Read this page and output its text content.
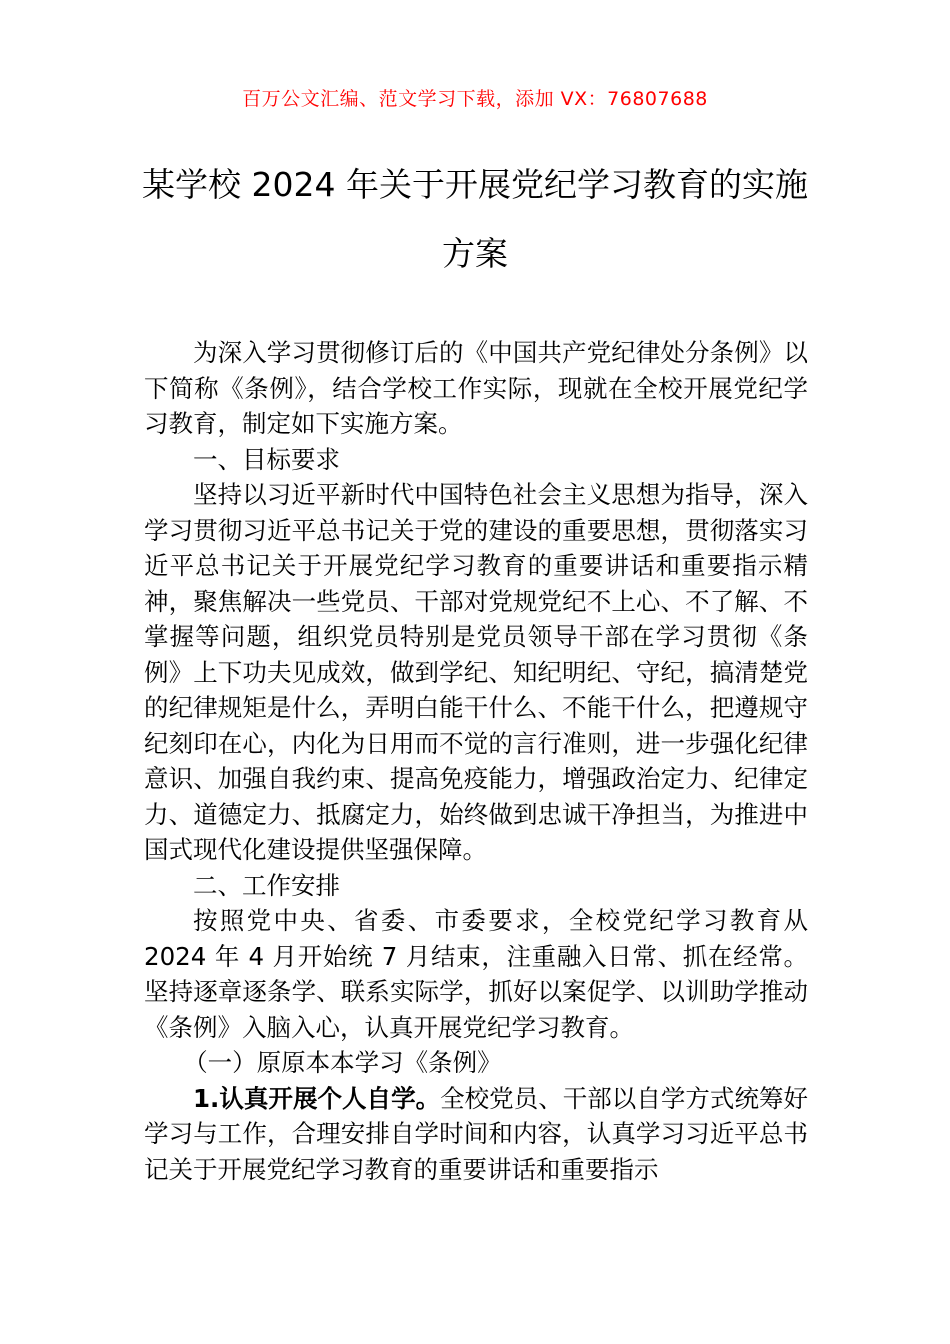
百万公文汇编、范文学习下载，添加 VX：76807688
某学校 2024 年关于开展党纪学习教育的实施方案

为深入学习贯彻修订后的《中国共产党纪律处分条例》以下简称《条例》，结合学校工作实际，现就在全校开展党纪学习教育，制定如下实施方案。

一、目标要求

坚持以习近平新时代中国特色社会主义思想为指导，深入学习贯彻习近平总书记关于党的建设的重要思想，贯彻落实习近平总书记关于开展党纪学习教育的重要讲话和重要指示精神，聚焦解决一些党员、干部对党规党纪不上心、不了解、不掌握等问题，组织党员特别是党员领导干部在学习贯彻《条例》上下功夫见成效，做到学纪、知纪明纪、守纪，搞清楚党的纪律规矩是什么，弄明白能干什么、不能干什么，把遵规守纪刻印在心，内化为日用而不觉的言行准则，进一步强化纪律意识、加强自我约束、提高免疫能力，增强政治定力、纪律定力、道德定力、抵腐定力，始终做到忠诚干净担当，为推进中国式现代化建设提供坚强保障。

二、工作安排

按照党中央、省委、市委要求，全校党纪学习教育从 2024 年 4 月开始统 7 月结束，注重融入日常、抓在经常。坚持逐章逐条学、联系实际学，抓好以案促学、以训助学推动《条例》入脑入心，认真开展党纪学习教育。

（一）原原本本学习《条例》

1.认真开展个人自学。全校党员、干部以自学方式统筹好学习与工作，合理安排自学时间和内容，认真学习习近平总书记关于开展党纪学习教育的重要讲话和重要指示
